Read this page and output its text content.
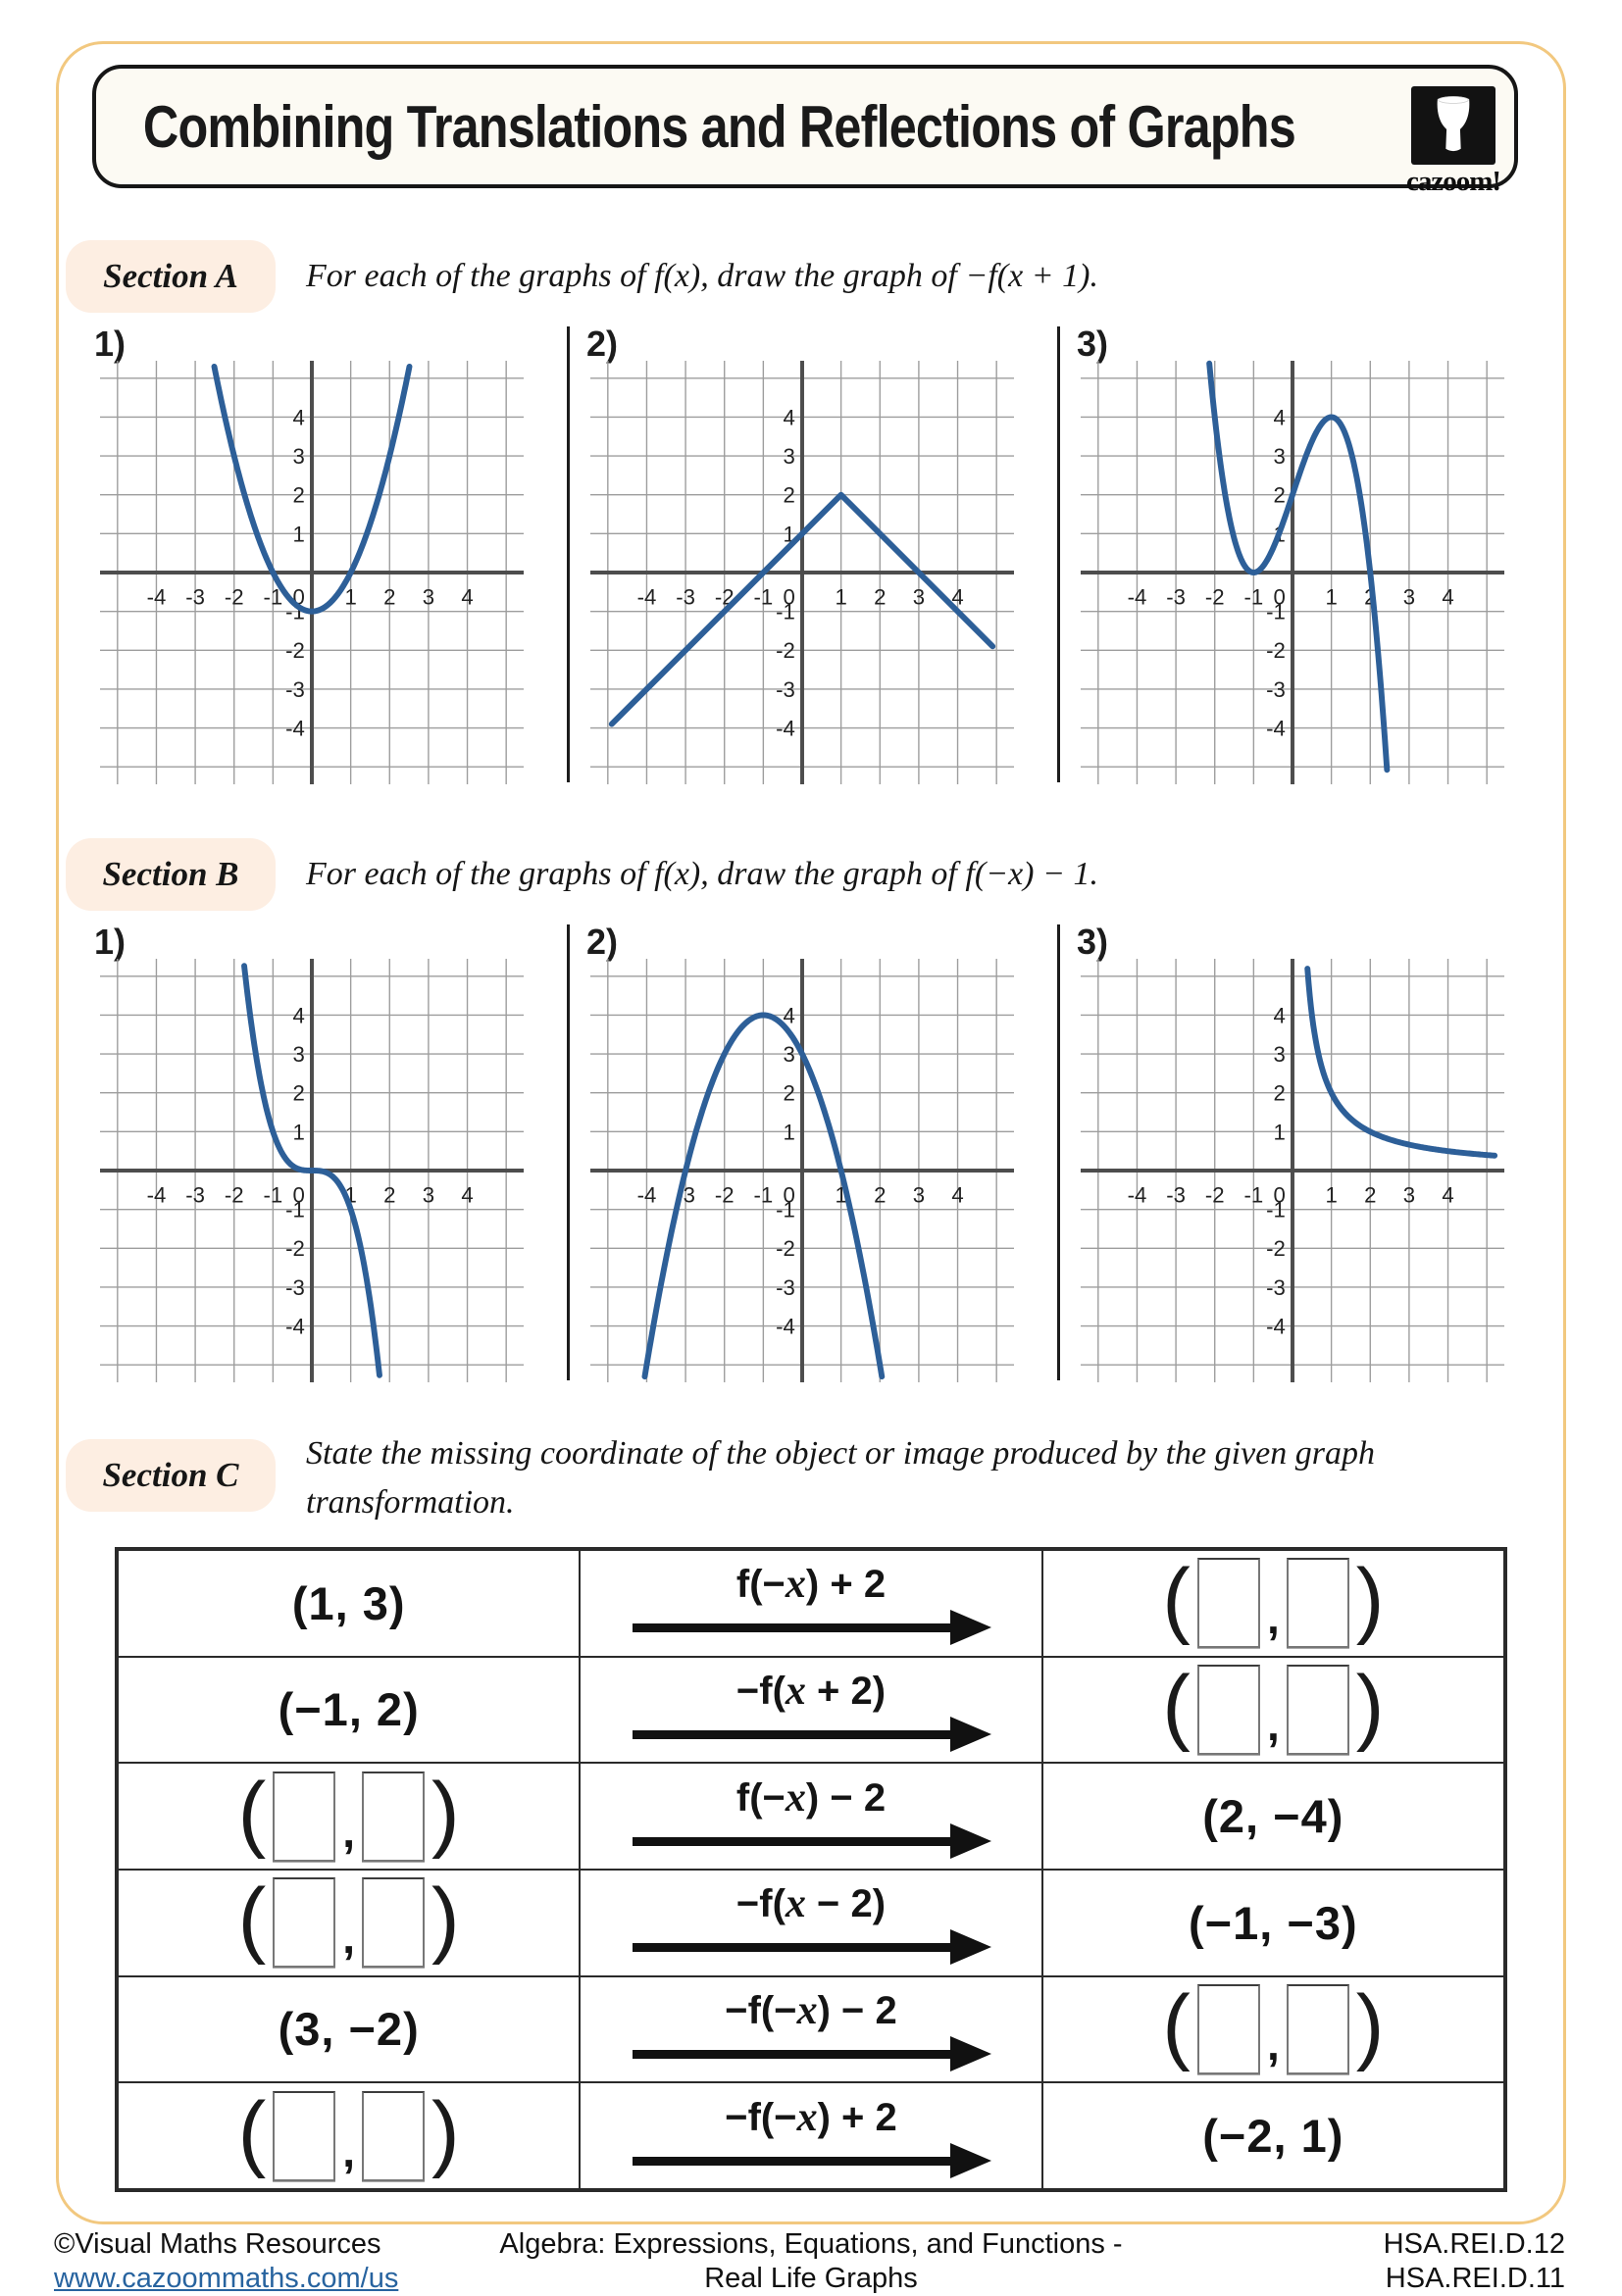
Combining Translations and Reflections of Graphs
cazoom!
Section A	For each of the graphs of f(x), draw the graph of −f(x + 1).
1)	2)	3)
Section B	For each of the graphs of f(x), draw the graph of f(−x) − 1.
1)	2)	3)
Section C
State the missing coordinate of the object or image produced by the given graph transformation.
(1, 3)	f(−x) + 2	( , )
(−1, 2)	−f(x + 2)	( , )
( , )	f(−x) − 2	(2, −4)
( , )	−f(x − 2)	(−1, −3)
(3, −2)	−f(−x) − 2	( , )
( , )	−f(−x) + 2	(−2, 1)
©Visual Maths Resources
www.cazoommaths.com/us
Algebra: Expressions, Equations, and Functions -
Real Life Graphs
HSA.REI.D.12
HSA.REI.D.11
